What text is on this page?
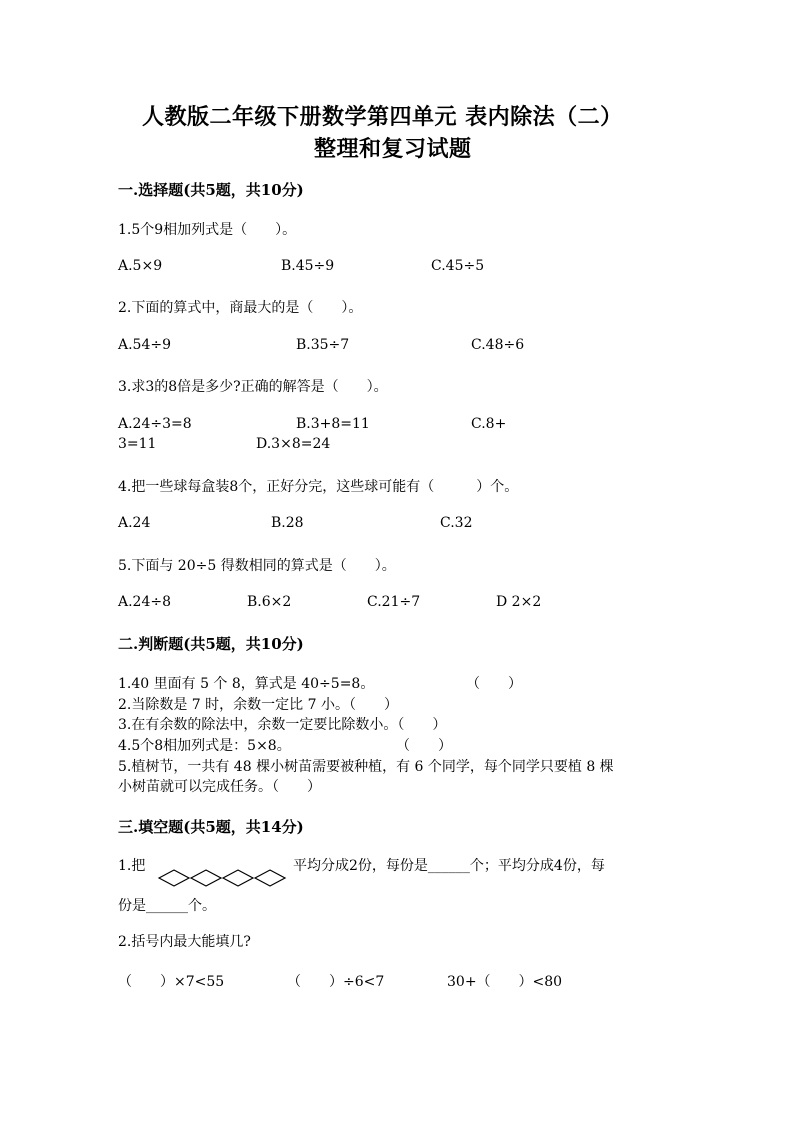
人教版二年级下册数学第四单元 表内除法（二）
整理和复习试题
一.选择题(共5题，共10分)
1.5个9相加列式是（　　）。
A.5×9	B.45÷9	C.45÷5
2.下面的算式中，商最大的是（　　）。
A.54÷9	B.35÷7	C.48÷6
3.求3的8倍是多少?正确的解答是（　　）。
A.24÷3=8	B.3+8=11	C.8+
3=11	D.3×8=24
4.把一些球每盒装8个，正好分完，这些球可能有（　　　）个。
A.24	B.28	C.32
5.下面与 20÷5 得数相同的算式是（　　）。
A.24÷8	B.6×2	C.21÷7	D 2×2
二.判断题(共5题，共10分)
1.40 里面有 5 个 8，算式是 40÷5=8。	（　　）
2.当除数是 7 时，余数一定比 7 小。（　　）
3.在有余数的除法中，余数一定要比除数小。（　　）
4.5个8相加列式是：5×8。	（　　）
5.植树节，一共有 48 棵小树苗需要被种植，有 6 个同学，每个同学只要植 8 棵
小树苗就可以完成任务。（　　）
三.填空题(共5题，共14分)
1.把	平均分成2份，每份是______个；平均分成4份，每
份是______个。
2.括号内最大能填几?
（　　）×7<55	（　　）÷6<7	30+（　　）<80
